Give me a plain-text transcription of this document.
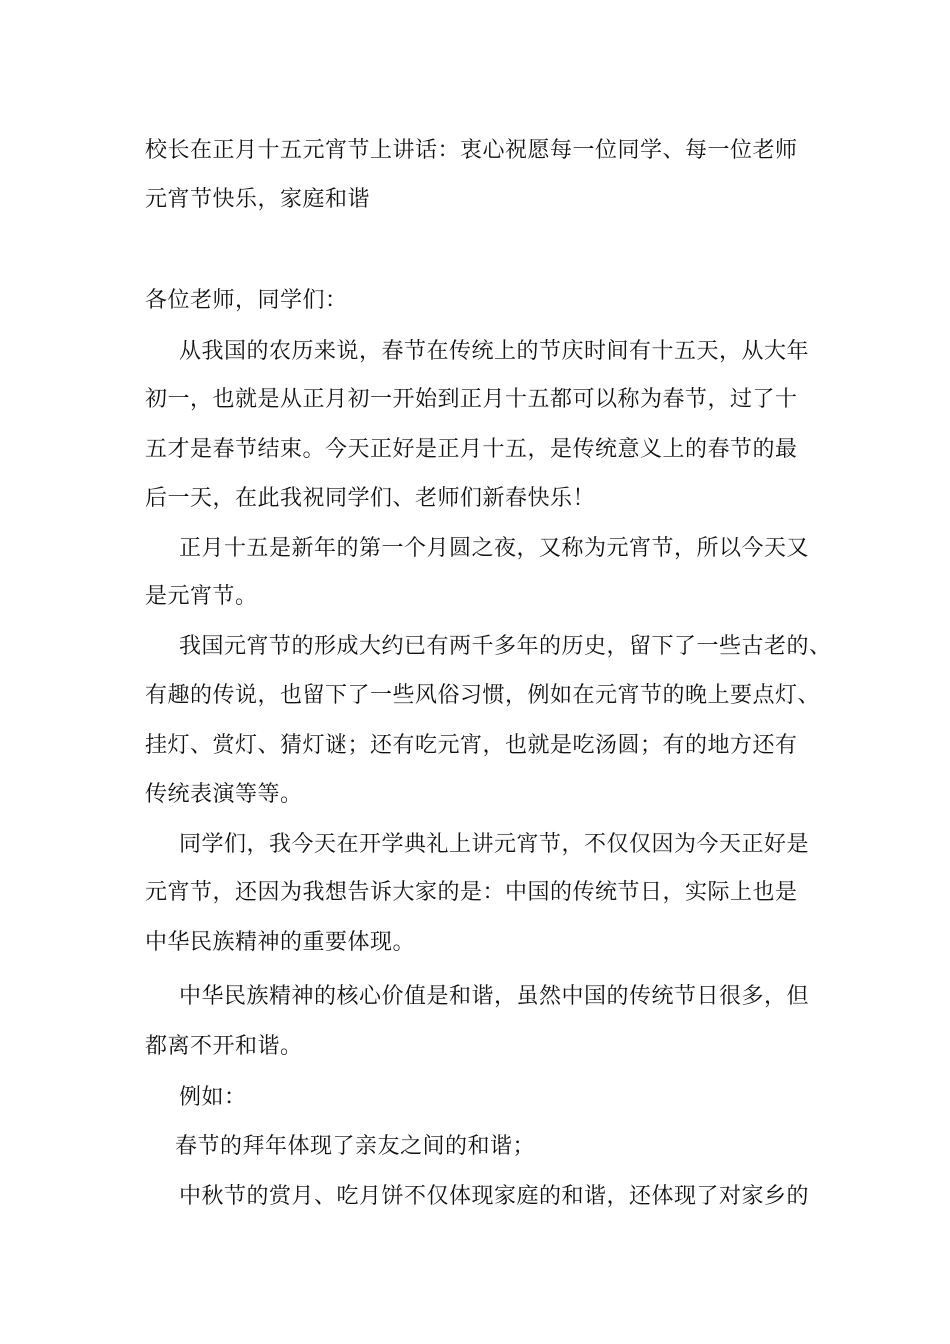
校长在正月十五元宵节上讲话：衷心祝愿每一位同学、每一位老师
元宵节快乐，家庭和谐
各位老师，同学们：
从我国的农历来说，春节在传统上的节庆时间有十五天，从大年
初一，也就是从正月初一开始到正月十五都可以称为春节，过了十
五才是春节结束。今天正好是正月十五，是传统意义上的春节的最
后一天，在此我祝同学们、老师们新春快乐！
正月十五是新年的第一个月圆之夜，又称为元宵节，所以今天又
是元宵节。
我国元宵节的形成大约已有两千多年的历史，留下了一些古老的、
有趣的传说，也留下了一些风俗习惯，例如在元宵节的晚上要点灯、
挂灯、赏灯、猜灯谜；还有吃元宵，也就是吃汤圆；有的地方还有
传统表演等等。
同学们，我今天在开学典礼上讲元宵节，不仅仅因为今天正好是
元宵节，还因为我想告诉大家的是：中国的传统节日，实际上也是
中华民族精神的重要体现。
中华民族精神的核心价值是和谐，虽然中国的传统节日很多，但
都离不开和谐。
例如：
春节的拜年体现了亲友之间的和谐；
中秋节的赏月、吃月饼不仅体现家庭的和谐，还体现了对家乡的
